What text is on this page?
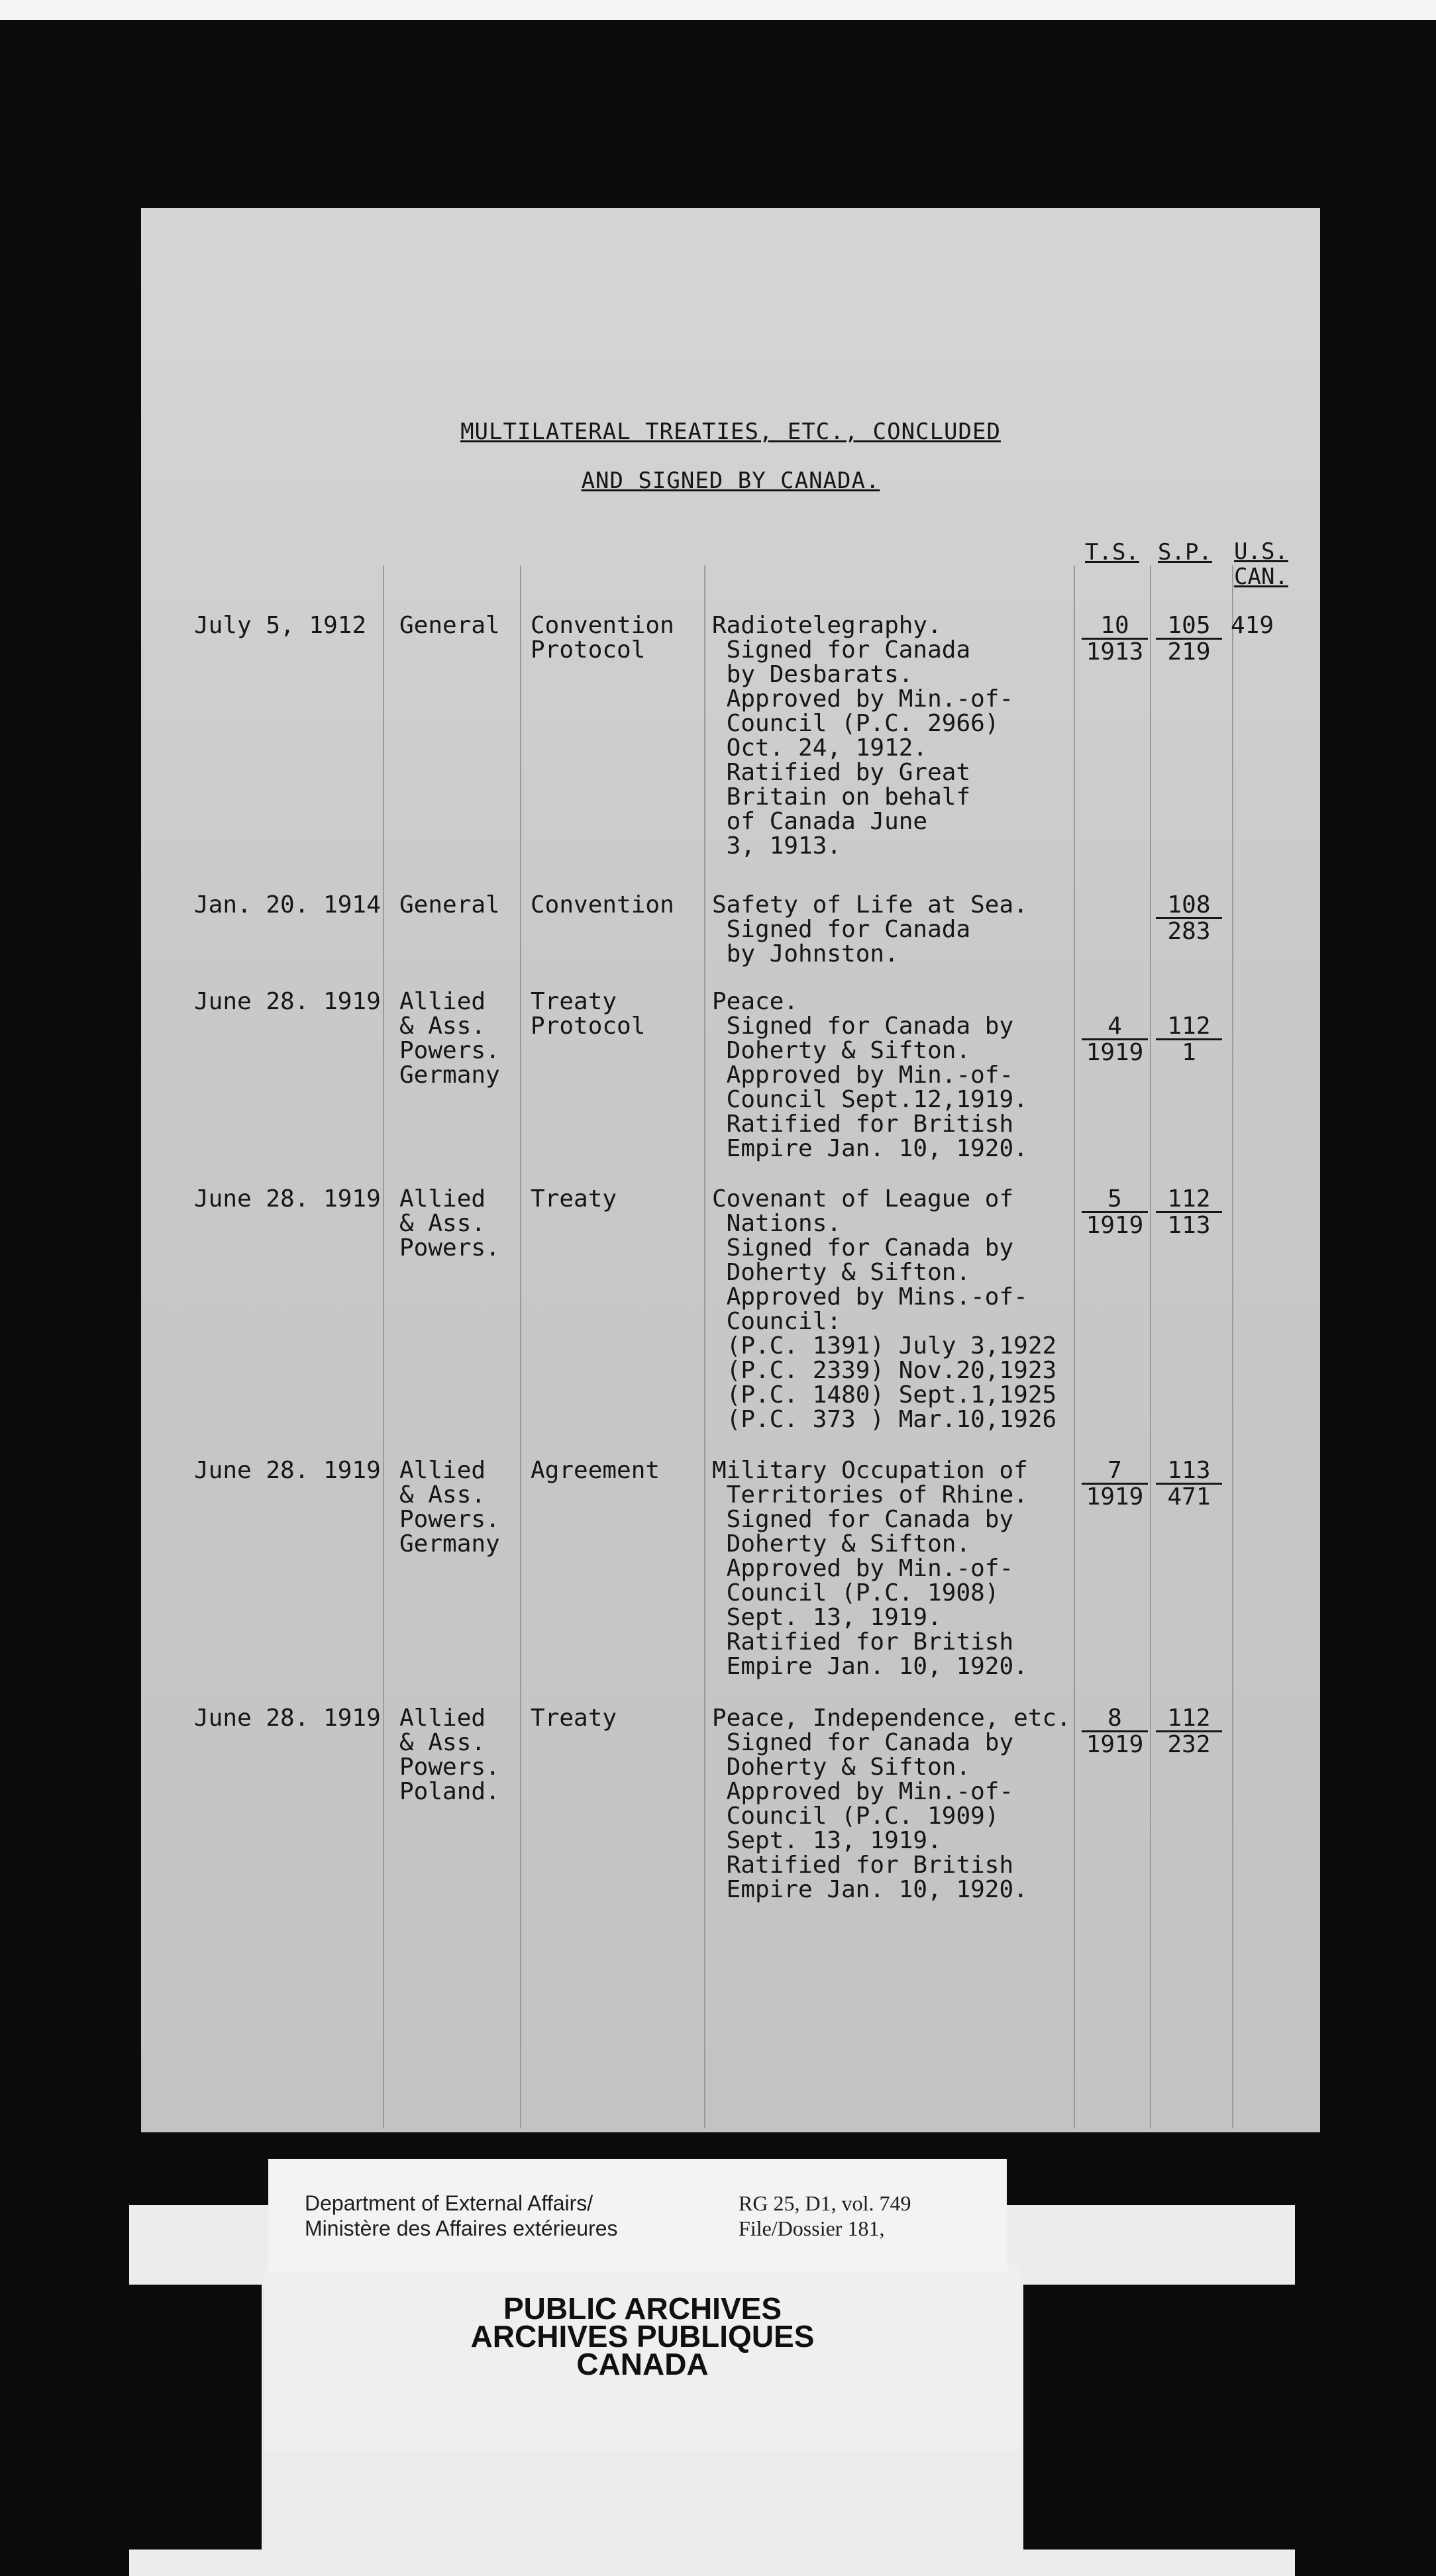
MULTILATERAL TREATIES, ETC., CONCLUDED
AND SIGNED BY CANADA.
T.S. S.P. U.S.
CAN.
July 5, 1912 General Convention
Protocol
Radiotelegraphy.
Signed for Canada
by Desbarats.
Approved by Min.-of-
Council (P.C. 2966)
Oct. 24, 1912.
Ratified by Great
Britain on behalf
of Canada June
3, 1913.
$\frac{10}{1913} \frac{105}{219} 419$
Jan. 20. 1914 General Convention Safety of Life at Sea.
Signed for Canada
by Johnston.
$\frac{108}{283}$
June 28. 1919 Allied
& Ass.
Powers.
Germany
Treaty
Protocol
Peace.
Signed for Canada by
Doherty & Sifton.
Approved by Min.-of-
Council Sept.12,1919.
Ratified for British
Empire Jan. 10, 1920.
$\frac{4}{1919} \frac{112}{1}$
June 28. 1919 Allied
& Ass.
Powers.
Treaty	Covenant of League of
Nations.
Signed for Canada by
Doherty & Sifton.
Approved by Mins.-of-
Council:
(P.C. 1391) July 3,1922
(P.C. 2339) Nov.20,1923
(P.C. 1480) Sept.1,1925
(P.C. 373 ) Mar.10,1926
$\frac{5}{1919} \frac{112}{113}$
June 28. 1919 Allied
& Ass.
Powers.
Germany
Agreement Military Occupation of
Territories of Rhine.
Signed for Canada by
Doherty & Sifton.
Approved by Min.-of-
Council (P.C. 1908)
Sept. 13, 1919.
Ratified for British
Empire Jan. 10, 1920.
$\frac{7}{1919} \frac{113}{471}$
June 28. 1919 Allied
& Ass.
Powers.
Poland.
Treaty	Peace, Independence, etc.
Signed for Canada by
Doherty & Sifton.
Approved by Min.-of-
Council (P.C. 1909)
Sept. 13, 1919.
Ratified for British
Empire Jan. 10, 1920.
$\frac{8}{1919} \frac{112}{232}$
Department of External Affairs/
Ministère des Affaires extérieures
RG 25, D1, vol. 749
File/Dossier 181,
PUBLIC ARCHIVES
ARCHIVES PUBLIQUES
CANADA
